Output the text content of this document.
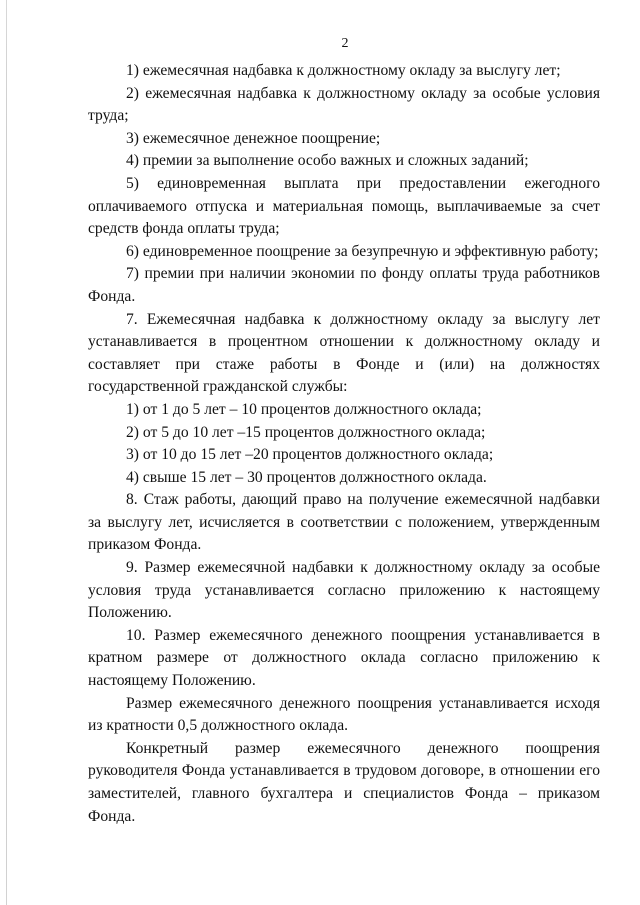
2

1) ежемесячная надбавка к должностному окладу за выслугу лет;

2) ежемесячная надбавка к должностному окладу за особые условия труда;

3) ежемесячное денежное поощрение;

4) премии за выполнение особо важных и сложных заданий;

5) единовременная выплата при предоставлении ежегодного оплачиваемого отпуска и материальная помощь, выплачиваемые за счет средств фонда оплаты труда;

6) единовременное поощрение за безупречную и эффективную работу;

7) премии при наличии экономии по фонду оплаты труда работников Фонда.

7. Ежемесячная надбавка к должностному окладу за выслугу лет устанавливается в процентном отношении к должностному окладу и составляет при стаже работы в Фонде и (или) на должностях государственной гражданской службы:

1) от 1 до 5 лет – 10 процентов должностного оклада;

2) от 5 до 10 лет –15 процентов должностного оклада;

3) от 10 до 15 лет –20 процентов должностного оклада;

4) свыше 15 лет – 30 процентов должностного оклада.

8. Стаж работы, дающий право на получение ежемесячной надбавки за выслугу лет, исчисляется в соответствии с положением, утвержденным приказом Фонда.

9. Размер ежемесячной надбавки к должностному окладу за особые условия труда устанавливается согласно приложению к настоящему Положению.

10. Размер ежемесячного денежного поощрения устанавливается в кратном размере от должностного оклада согласно приложению к настоящему Положению.

Размер ежемесячного денежного поощрения устанавливается исходя из кратности 0,5 должностного оклада.

Конкретный размер ежемесячного денежного поощрения руководителя Фонда устанавливается в трудовом договоре, в отношении его заместителей, главного бухгалтера и специалистов Фонда – приказом Фонда.
